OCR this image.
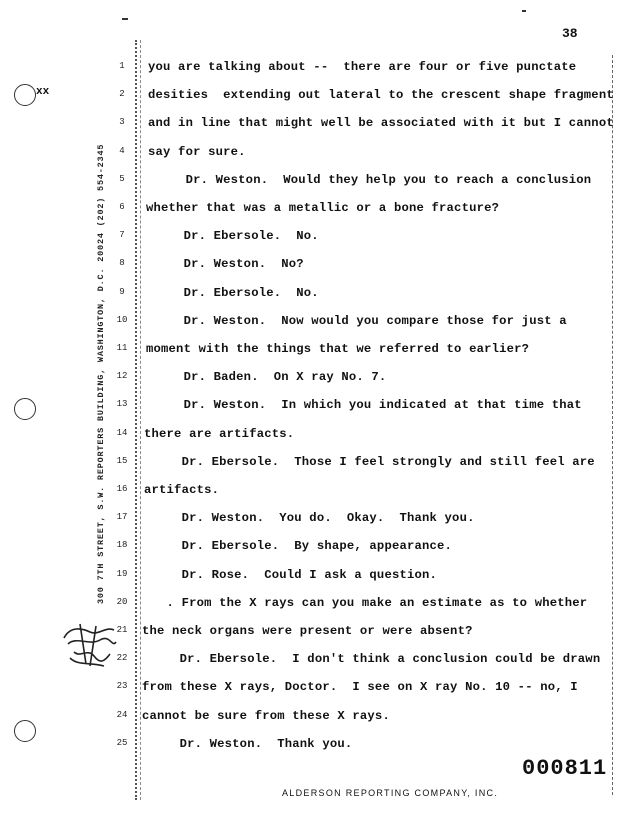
38
xx
300 7TH STREET, S.W. REPORTERS BUILDING, WASHINGTON, D.C. 20024 (202) 554-2345
1	you are talking about --  there are four or five punctate
2	desities  extending out lateral to the crescent shape fragment
3	and in line that might well be associated with it but I cannot
4	say for sure.
5	Dr. Weston.  Would they help you to reach a conclusion
6	whether that was a metallic or a bone fracture?
7	Dr. Ebersole.  No.
8	Dr. Weston.  No?
9	Dr. Ebersole.  No.
10	Dr. Weston.  Now would you compare those for just a
11	moment with the things that we referred to earlier?
12	Dr. Baden.  On X ray No. 7.
13	Dr. Weston.  In which you indicated at that time that
14	there are artifacts.
15	Dr. Ebersole.  Those I feel strongly and still feel are
16	artifacts.
17	Dr. Weston.  You do.  Okay.  Thank you.
18	Dr. Ebersole.  By shape, appearance.
19	Dr. Rose.  Could I ask a question.
20	. From the X rays can you make an estimate as to whether
21	the neck organs were present or were absent?
22	Dr. Ebersole.  I don't think a conclusion could be drawn
23	from these X rays, Doctor.  I see on X ray No. 10 -- no, I
24	cannot be sure from these X rays.
25	Dr. Weston.  Thank you.
000811
ALDERSON REPORTING COMPANY, INC.
